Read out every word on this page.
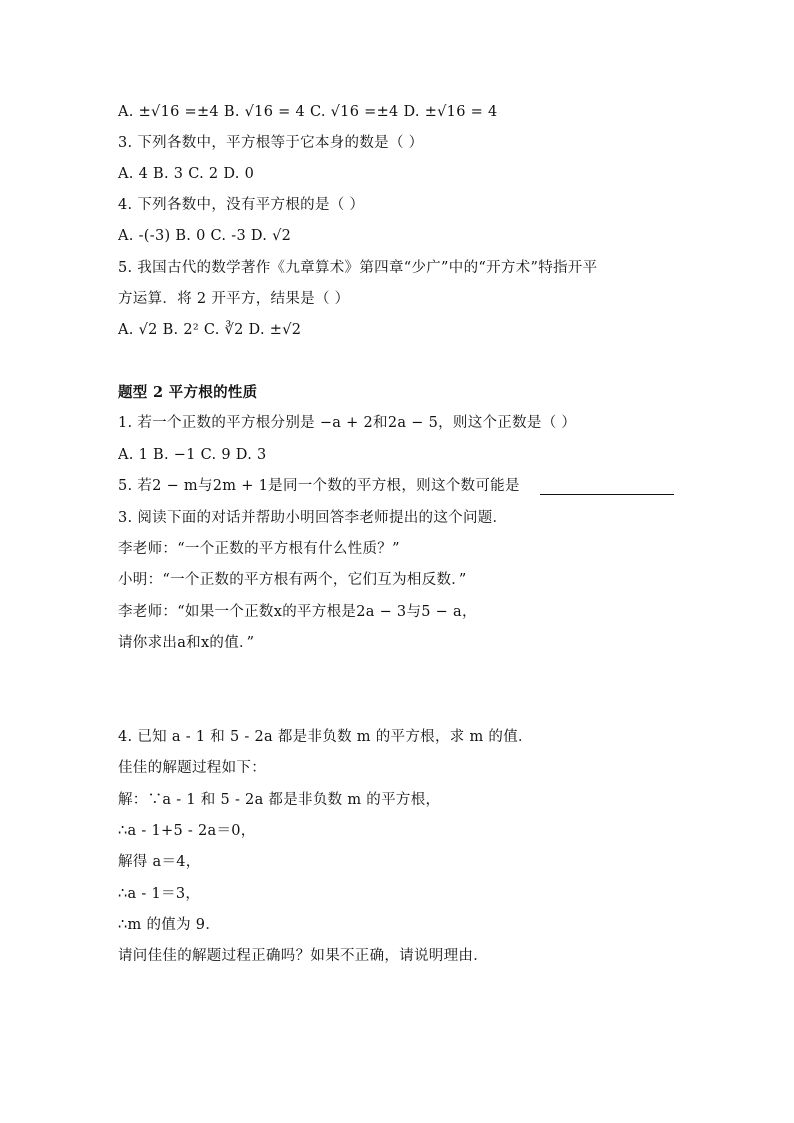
A. ±√16 =±4 B. √16 = 4 C. √16 =±4 D. ±√16 = 4
3. 下列各数中，平方根等于它本身的数是（ ）
A. 4 B. 3 C. 2 D. 0
4. 下列各数中，没有平方根的是（ ）
A. -(-3) B. 0 C. -3 D. √2
5. 我国古代的数学著作《九章算术》第四章“少广”中的“开方术”特指开平
方运算．将 2 开平方，结果是（ ）
A. √2 B. 2² C. ∛2 D. ±√2
题型 2 平方根的性质
1. 若一个正数的平方根分别是 −a + 2和2a − 5，则这个正数是（ ）
A. 1 B. −1 C. 9 D. 3
5. 若2 − m与2m + 1是同一个数的平方根，则这个数可能是
3. 阅读下面的对话并帮助小明回答李老师提出的这个问题．
李老师：“一个正数的平方根有什么性质？”
小明：“一个正数的平方根有两个，它们互为相反数．”
李老师：“如果一个正数x的平方根是2a − 3与5 − a，
请你求出a和x的值．”
4. 已知 a - 1 和 5 - 2a 都是非负数 m 的平方根，求 m 的值．
佳佳的解题过程如下：
解：∵a - 1 和 5 - 2a 都是非负数 m 的平方根，
∴a - 1+5 - 2a＝0，
解得 a＝4，
∴a - 1＝3，
∴m 的值为 9．
请问佳佳的解题过程正确吗？如果不正确，请说明理由．
